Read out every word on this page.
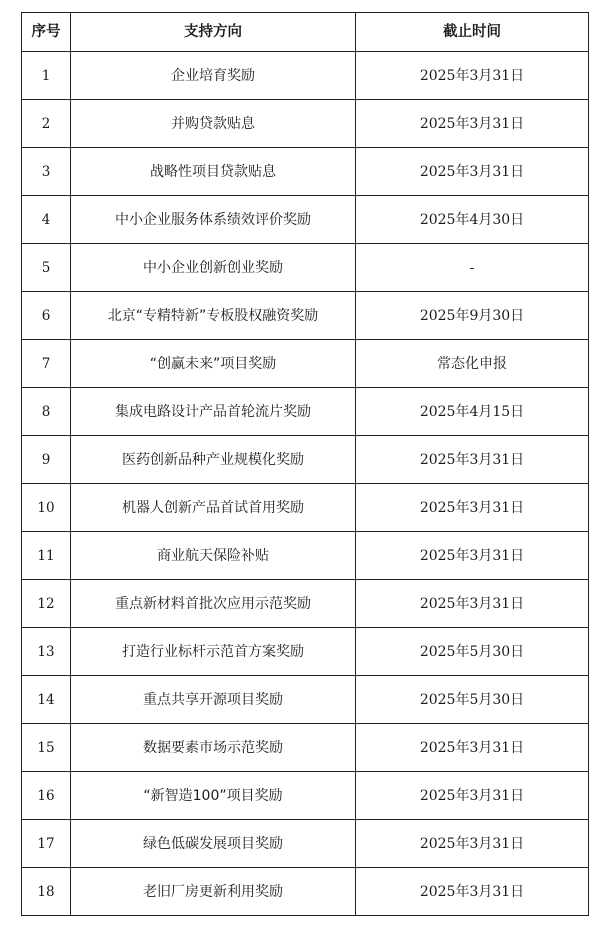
序号	支持方向	截止时间
1	企业培育奖励	2025年3月31日
2	并购贷款贴息	2025年3月31日
3	战略性项目贷款贴息	2025年3月31日
4	中小企业服务体系绩效评价奖励	2025年4月30日
5	中小企业创新创业奖励	-
6	北京“专精特新”专板股权融资奖励	2025年9月30日
7	“创赢未来”项目奖励	常态化申报
8	集成电路设计产品首轮流片奖励	2025年4月15日
9	医药创新品种产业规模化奖励	2025年3月31日
10	机器人创新产品首试首用奖励	2025年3月31日
11	商业航天保险补贴	2025年3月31日
12	重点新材料首批次应用示范奖励	2025年3月31日
13	打造行业标杆示范首方案奖励	2025年5月30日
14	重点共享开源项目奖励	2025年5月30日
15	数据要素市场示范奖励	2025年3月31日
16	“新智造100”项目奖励	2025年3月31日
17	绿色低碳发展项目奖励	2025年3月31日
18	老旧厂房更新利用奖励	2025年3月31日
